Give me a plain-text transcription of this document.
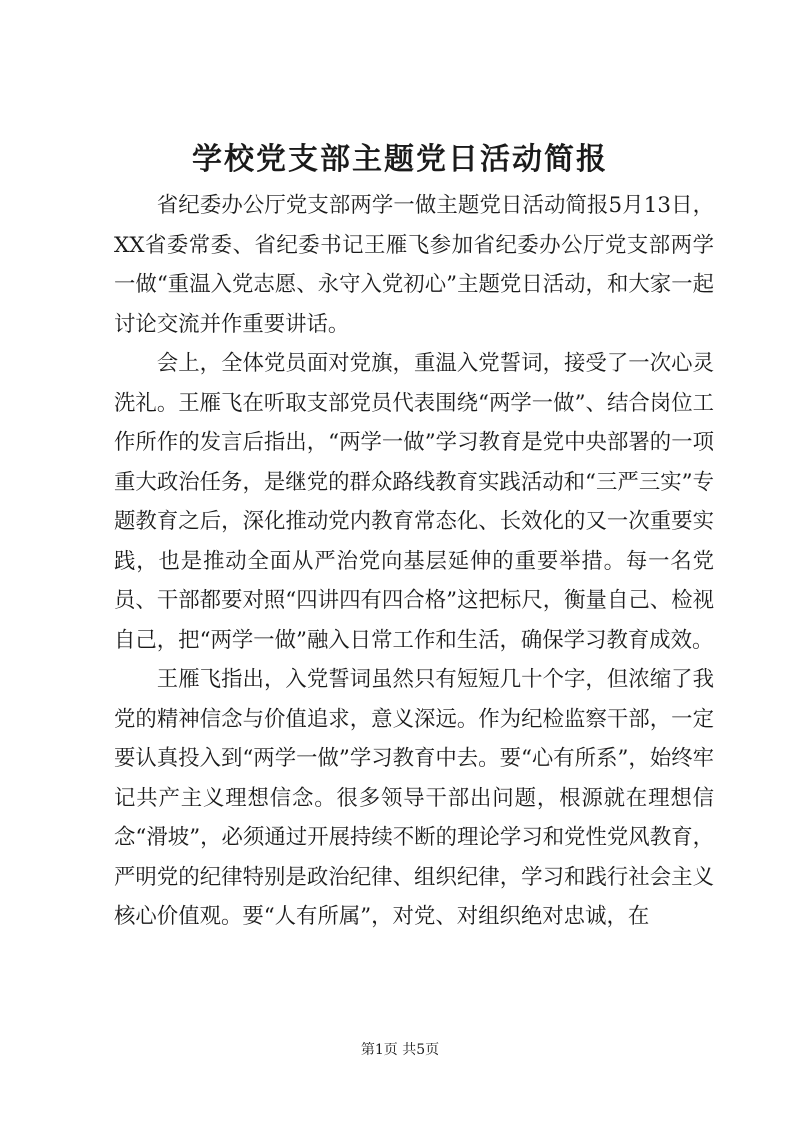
学校党支部主题党日活动简报

省纪委办公厅党支部两学一做主题党日活动简报5月13日，XX省委常委、省纪委书记王雁飞参加省纪委办公厅党支部两学一做“重温入党志愿、永守入党初心”主题党日活动，和大家一起讨论交流并作重要讲话。

会上，全体党员面对党旗，重温入党誓词，接受了一次心灵洗礼。王雁飞在听取支部党员代表围绕“两学一做”、结合岗位工作所作的发言后指出，“两学一做”学习教育是党中央部署的一项重大政治任务，是继党的群众路线教育实践活动和“三严三实”专题教育之后，深化推动党内教育常态化、长效化的又一次重要实践，也是推动全面从严治党向基层延伸的重要举措。每一名党员、干部都要对照“四讲四有四合格”这把标尺，衡量自己、检视自己，把“两学一做”融入日常工作和生活，确保学习教育成效。

王雁飞指出，入党誓词虽然只有短短几十个字，但浓缩了我党的精神信念与价值追求，意义深远。作为纪检监察干部，一定要认真投入到“两学一做”学习教育中去。要“心有所系”，始终牢记共产主义理想信念。很多领导干部出问题，根源就在理想信念“滑坡”，必须通过开展持续不断的理论学习和党性党风教育，严明党的纪律特别是政治纪律、组织纪律，学习和践行社会主义核心价值观。要“人有所属”，对党、对组织绝对忠诚，在

第1页 共5页
